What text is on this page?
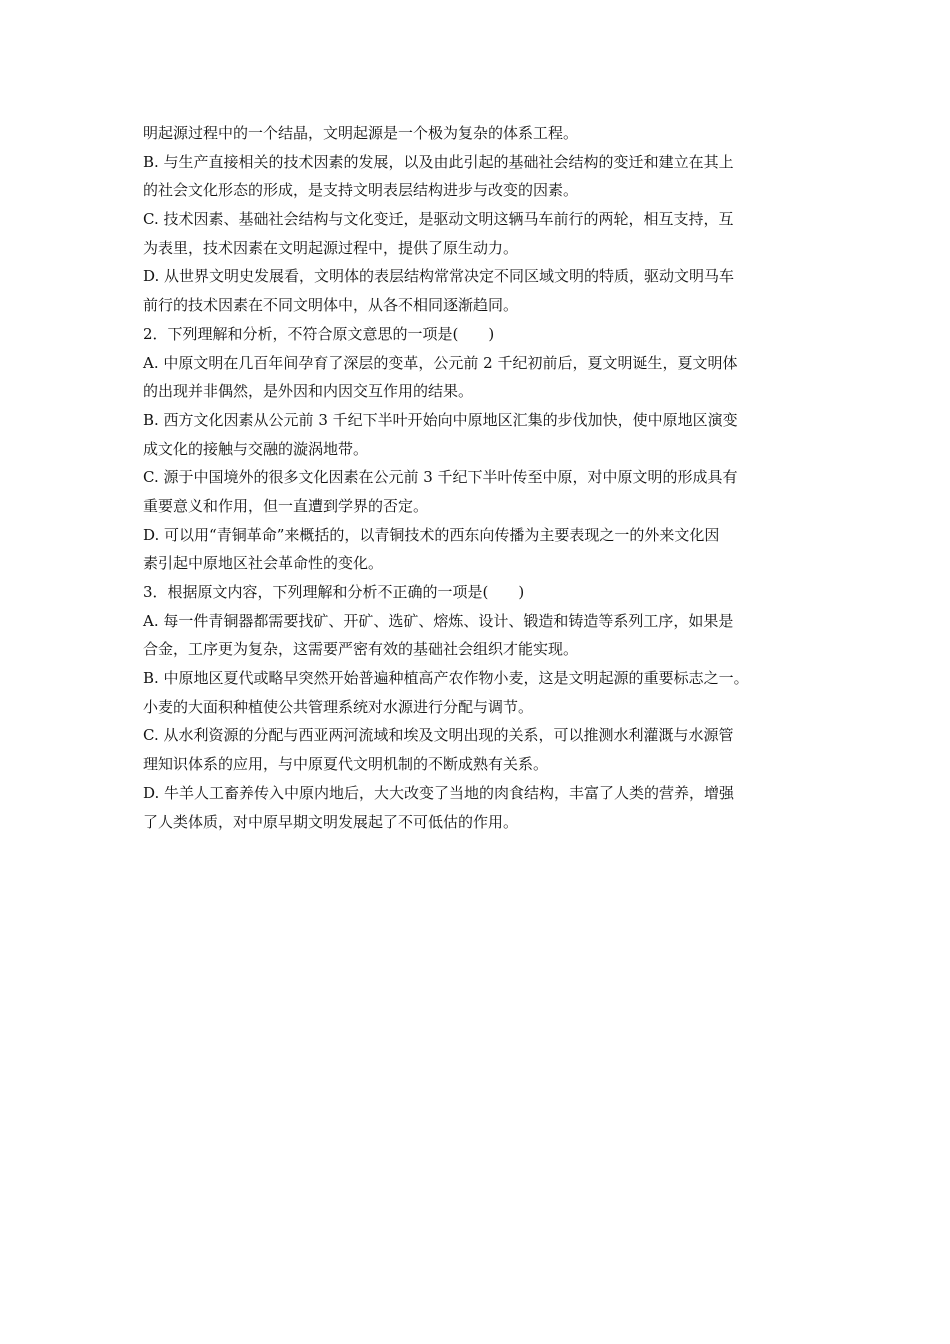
明起源过程中的一个结晶，文明起源是一个极为复杂的体系工程。
B. 与生产直接相关的技术因素的发展，以及由此引起的基础社会结构的变迁和建立在其上
的社会文化形态的形成，是支持文明表层结构进步与改变的因素。
C. 技术因素、基础社会结构与文化变迁，是驱动文明这辆马车前行的两轮，相互支持，互
为表里，技术因素在文明起源过程中，提供了原生动力。
D. 从世界文明史发展看，文明体的表层结构常常决定不同区域文明的特质，驱动文明马车
前行的技术因素在不同文明体中，从各不相同逐渐趋同。
2．下列理解和分析，不符合原文意思的一项是(　　)
A. 中原文明在几百年间孕育了深层的变革，公元前 2 千纪初前后，夏文明诞生，夏文明体
的出现并非偶然，是外因和内因交互作用的结果。
B. 西方文化因素从公元前 3 千纪下半叶开始向中原地区汇集的步伐加快，使中原地区演变
成文化的接触与交融的漩涡地带。
C. 源于中国境外的很多文化因素在公元前 3 千纪下半叶传至中原，对中原文明的形成具有
重要意义和作用，但一直遭到学界的否定。
D. 可以用“青铜革命”来概括的，以青铜技术的西东向传播为主要表现之一的外来文化因
素引起中原地区社会革命性的变化。
3．根据原文内容，下列理解和分析不正确的一项是(　　)
A. 每一件青铜器都需要找矿、开矿、选矿、熔炼、设计、锻造和铸造等系列工序，如果是
合金，工序更为复杂，这需要严密有效的基础社会组织才能实现。
B. 中原地区夏代或略早突然开始普遍种植高产农作物小麦，这是文明起源的重要标志之一。
小麦的大面积种植使公共管理系统对水源进行分配与调节。
C. 从水利资源的分配与西亚两河流域和埃及文明出现的关系，可以推测水利灌溉与水源管
理知识体系的应用，与中原夏代文明机制的不断成熟有关系。
D. 牛羊人工畜养传入中原内地后，大大改变了当地的肉食结构，丰富了人类的营养，增强
了人类体质，对中原早期文明发展起了不可低估的作用。
